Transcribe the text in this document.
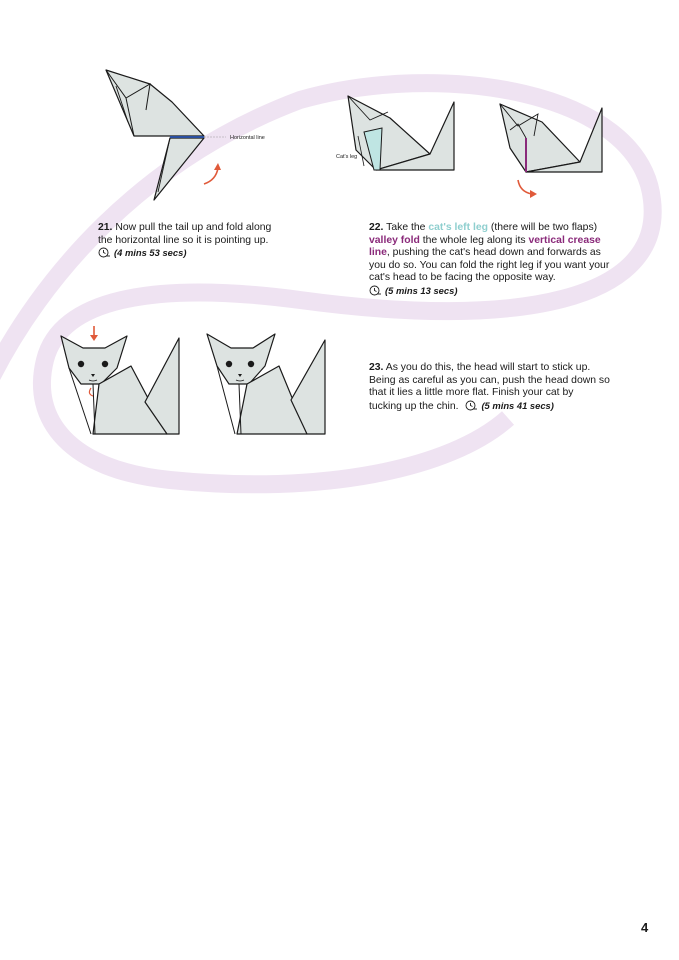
Horizontal line
Cat's leg
21. Now pull the tail up and fold along
the horizontal line so it is pointing up.
(4 mins 53 secs)
22. Take the cat's left leg (there will be two flaps)
valley fold the whole leg along its vertical crease
line, pushing the cat's head down and forwards as
you do so. You can fold the right leg if you want your
cat's head to be facing the opposite way.
(5 mins 13 secs)
23. As you do this, the head will start to stick up.
Being as careful as you can, push the head down so
that it lies a little more flat. Finish your cat by
tucking up the chin. (5 mins 41 secs)
4
